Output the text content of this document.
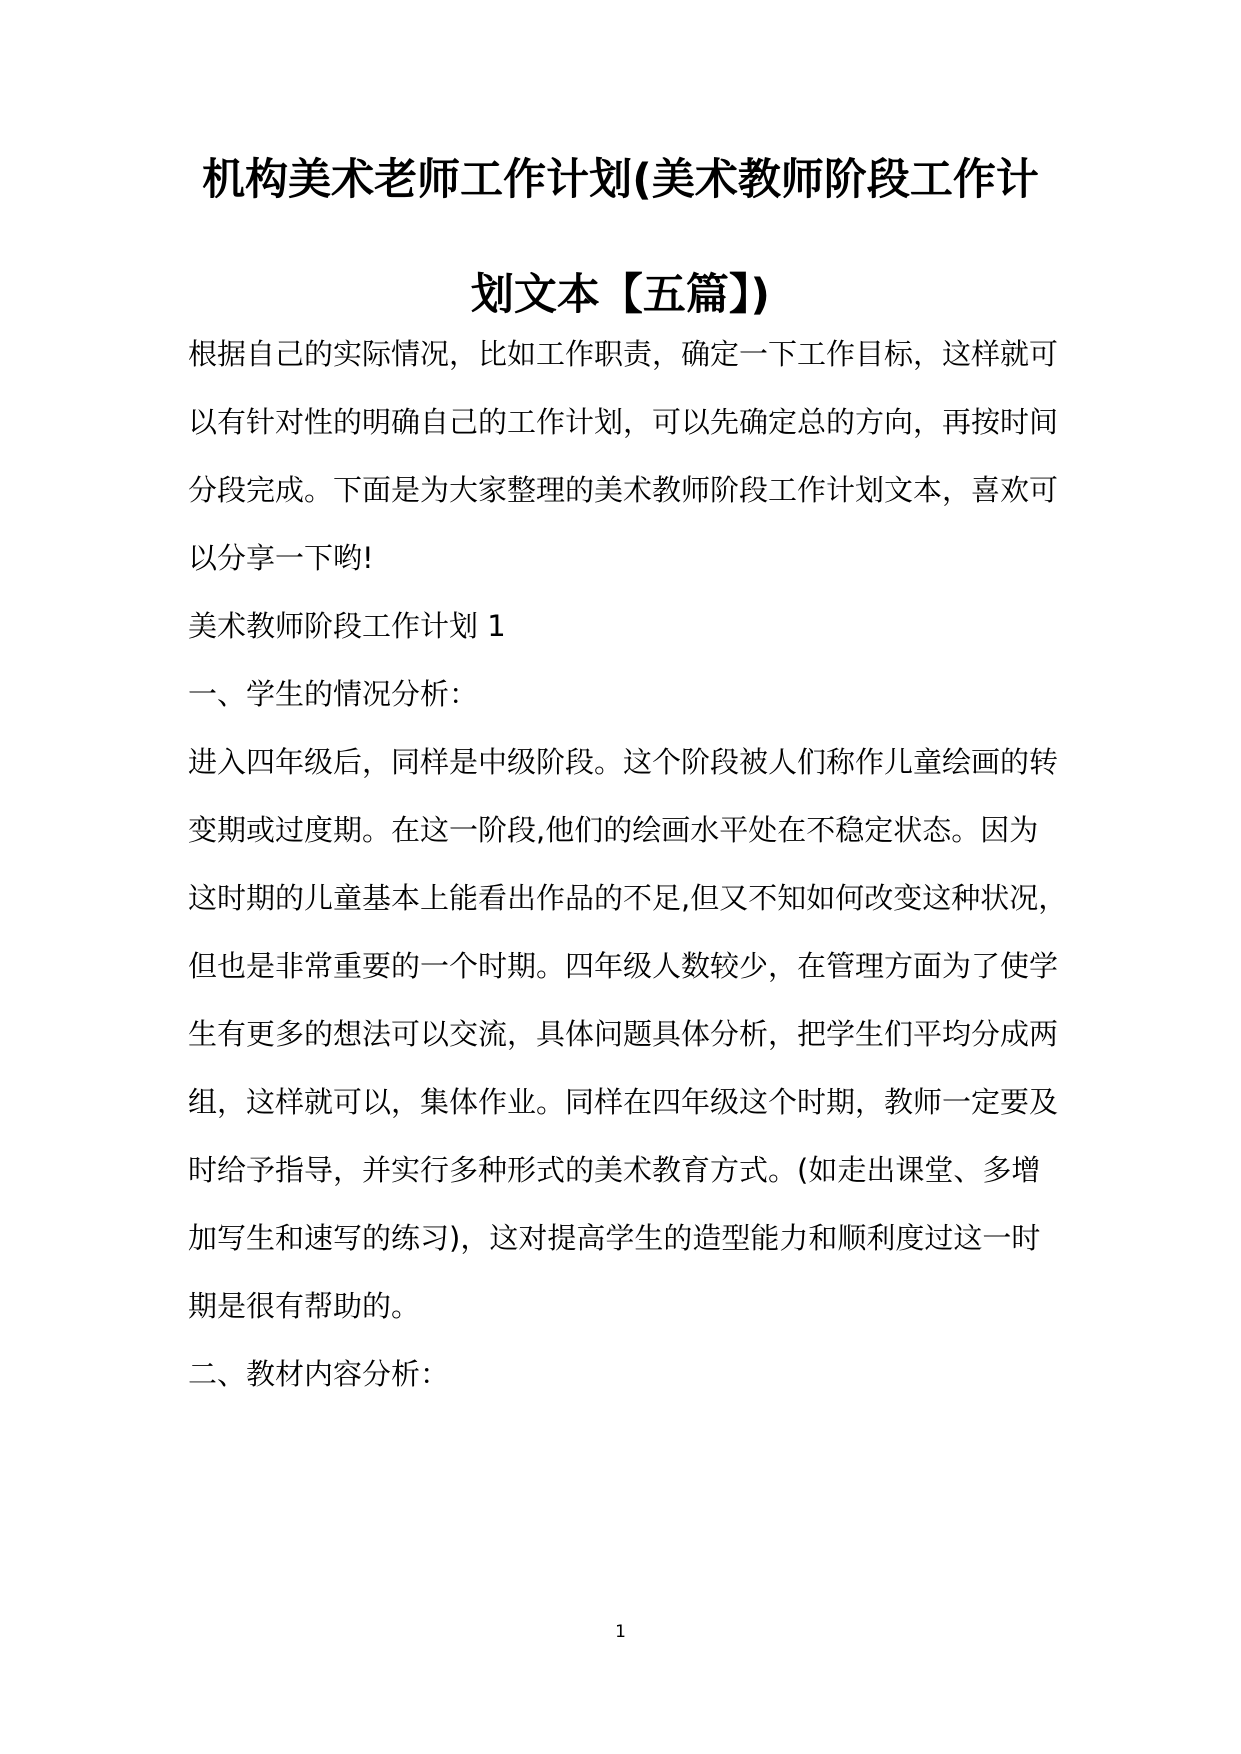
机构美术老师工作计划(美术教师阶段工作计
划文本【五篇】)
根据自己的实际情况，比如工作职责，确定一下工作目标，这样就可
以有针对性的明确自己的工作计划，可以先确定总的方向，再按时间
分段完成。下面是为大家整理的美术教师阶段工作计划文本，喜欢可
以分享一下哟!
美术教师阶段工作计划 1
一、学生的情况分析：
进入四年级后，同样是中级阶段。这个阶段被人们称作儿童绘画的转
变期或过度期。在这一阶段,他们的绘画水平处在不稳定状态。因为
这时期的儿童基本上能看出作品的不足,但又不知如何改变这种状况，
但也是非常重要的一个时期。四年级人数较少，在管理方面为了使学
生有更多的想法可以交流，具体问题具体分析，把学生们平均分成两
组，这样就可以，集体作业。同样在四年级这个时期，教师一定要及
时给予指导，并实行多种形式的美术教育方式。(如走出课堂、多增
加写生和速写的练习)，这对提高学生的造型能力和顺利度过这一时
期是很有帮助的。
二、教材内容分析：
1
